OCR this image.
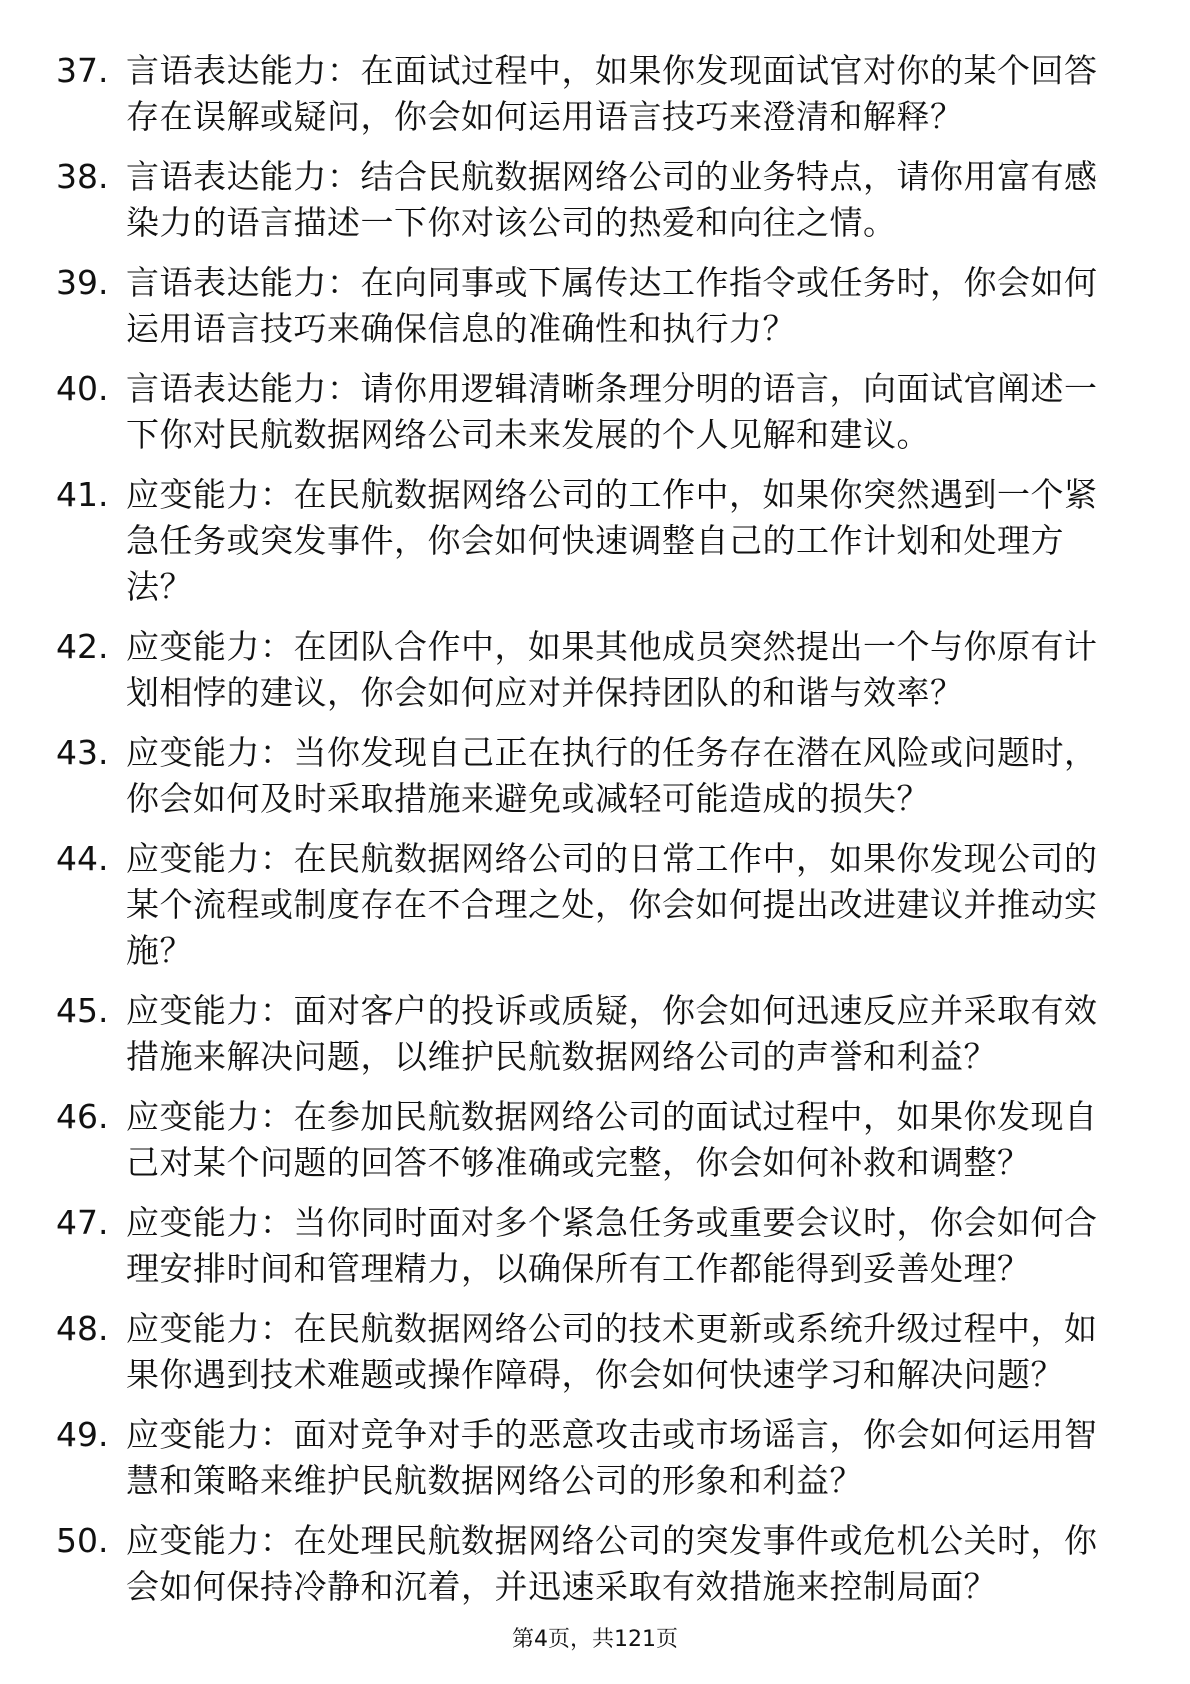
37. 言语表达能力：在面试过程中，如果你发现面试官对你的某个回答存在误解或疑问，你会如何运用语言技巧来澄清和解释？
38. 言语表达能力：结合民航数据网络公司的业务特点，请你用富有感染力的语言描述一下你对该公司的热爱和向往之情。
39. 言语表达能力：在向同事或下属传达工作指令或任务时，你会如何运用语言技巧来确保信息的准确性和执行力？
40. 言语表达能力：请你用逻辑清晰条理分明的语言，向面试官阐述一下你对民航数据网络公司未来发展的个人见解和建议。
41. 应变能力：在民航数据网络公司的工作中，如果你突然遇到一个紧急任务或突发事件，你会如何快速调整自己的工作计划和处理方法？
42. 应变能力：在团队合作中，如果其他成员突然提出一个与你原有计划相悖的建议，你会如何应对并保持团队的和谐与效率？
43. 应变能力：当你发现自己正在执行的任务存在潜在风险或问题时，你会如何及时采取措施来避免或减轻可能造成的损失？
44. 应变能力：在民航数据网络公司的日常工作中，如果你发现公司的某个流程或制度存在不合理之处，你会如何提出改进建议并推动实施？
45. 应变能力：面对客户的投诉或质疑，你会如何迅速反应并采取有效措施来解决问题，以维护民航数据网络公司的声誉和利益？
46. 应变能力：在参加民航数据网络公司的面试过程中，如果你发现自己对某个问题的回答不够准确或完整，你会如何补救和调整？
47. 应变能力：当你同时面对多个紧急任务或重要会议时，你会如何合理安排时间和管理精力，以确保所有工作都能得到妥善处理？
48. 应变能力：在民航数据网络公司的技术更新或系统升级过程中，如果你遇到技术难题或操作障碍，你会如何快速学习和解决问题？
49. 应变能力：面对竞争对手的恶意攻击或市场谣言，你会如何运用智慧和策略来维护民航数据网络公司的形象和利益？
50. 应变能力：在处理民航数据网络公司的突发事件或危机公关时，你会如何保持冷静和沉着，并迅速采取有效措施来控制局面？
第4页，共121页
